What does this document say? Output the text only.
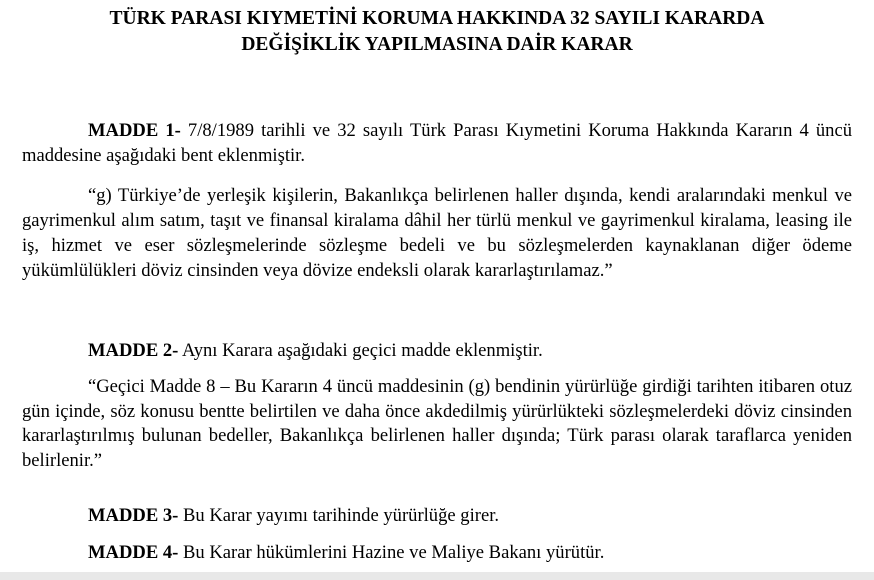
TÜRK PARASI KIYMETİNİ KORUMA HAKKINDA 32 SAYILI KARARDA
DEĞİŞİKLİK YAPILMASINA DAİR KARAR

MADDE 1- 7/8/1989 tarihli ve 32 sayılı Türk Parası Kıymetini Koruma Hakkında Kararın 4 üncü maddesine aşağıdaki bent eklenmiştir.

“g) Türkiye’de yerleşik kişilerin, Bakanlıkça belirlenen haller dışında, kendi aralarındaki menkul ve gayrimenkul alım satım, taşıt ve finansal kiralama dâhil her türlü menkul ve gayrimenkul kiralama, leasing ile iş, hizmet ve eser sözleşmelerinde sözleşme bedeli ve bu sözleşmelerden kaynaklanan diğer ödeme yükümlülükleri döviz cinsinden veya dövize endeksli olarak kararlaştırılamaz.”

MADDE 2- Aynı Karara aşağıdaki geçici madde eklenmiştir.

“Geçici Madde 8 – Bu Kararın 4 üncü maddesinin (g) bendinin yürürlüğe girdiği tarihten itibaren otuz gün içinde, söz konusu bentte belirtilen ve daha önce akdedilmiş yürürlükteki sözleşmelerdeki döviz cinsinden kararlaştırılmış bulunan bedeller, Bakanlıkça belirlenen haller dışında; Türk parası olarak taraflarca yeniden belirlenir.”

MADDE 3- Bu Karar yayımı tarihinde yürürlüğe girer.

MADDE 4- Bu Karar hükümlerini Hazine ve Maliye Bakanı yürütür.
